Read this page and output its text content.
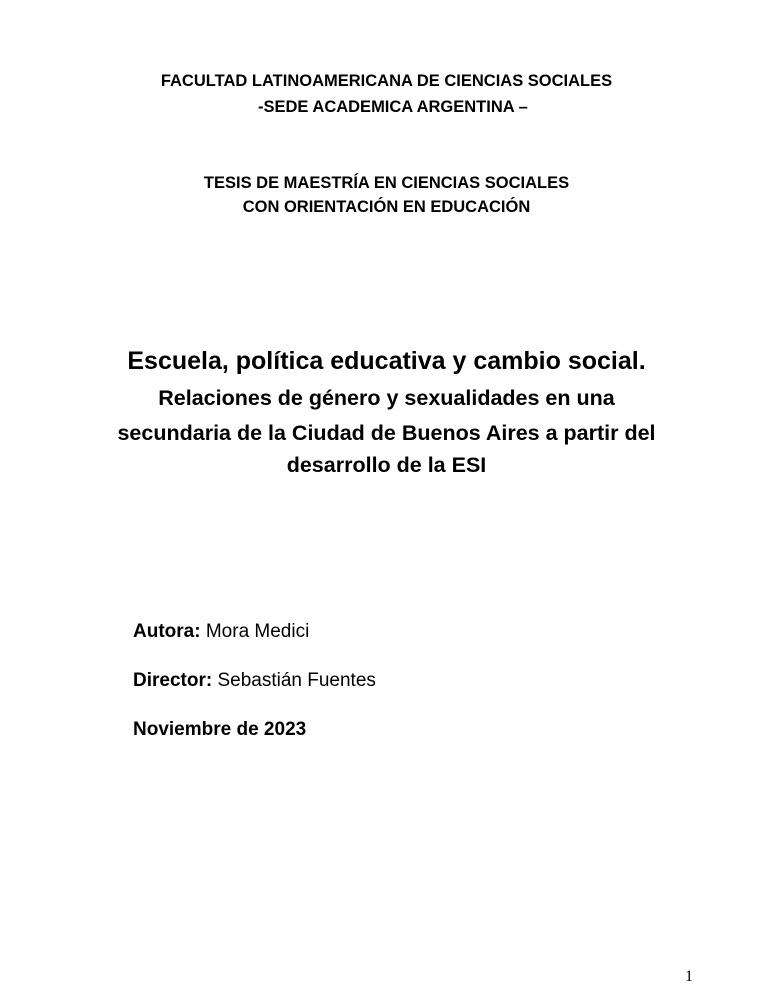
FACULTAD LATINOAMERICANA DE CIENCIAS SOCIALES
-SEDE ACADEMICA ARGENTINA –
TESIS DE MAESTRÍA EN CIENCIAS SOCIALES
CON ORIENTACIÓN EN EDUCACIÓN
Escuela, política educativa y cambio social.
Relaciones de género y sexualidades en una
secundaria de la Ciudad de Buenos Aires a partir del
desarrollo de la ESI
Autora: Mora Medici
Director: Sebastián Fuentes
Noviembre de 2023
1
